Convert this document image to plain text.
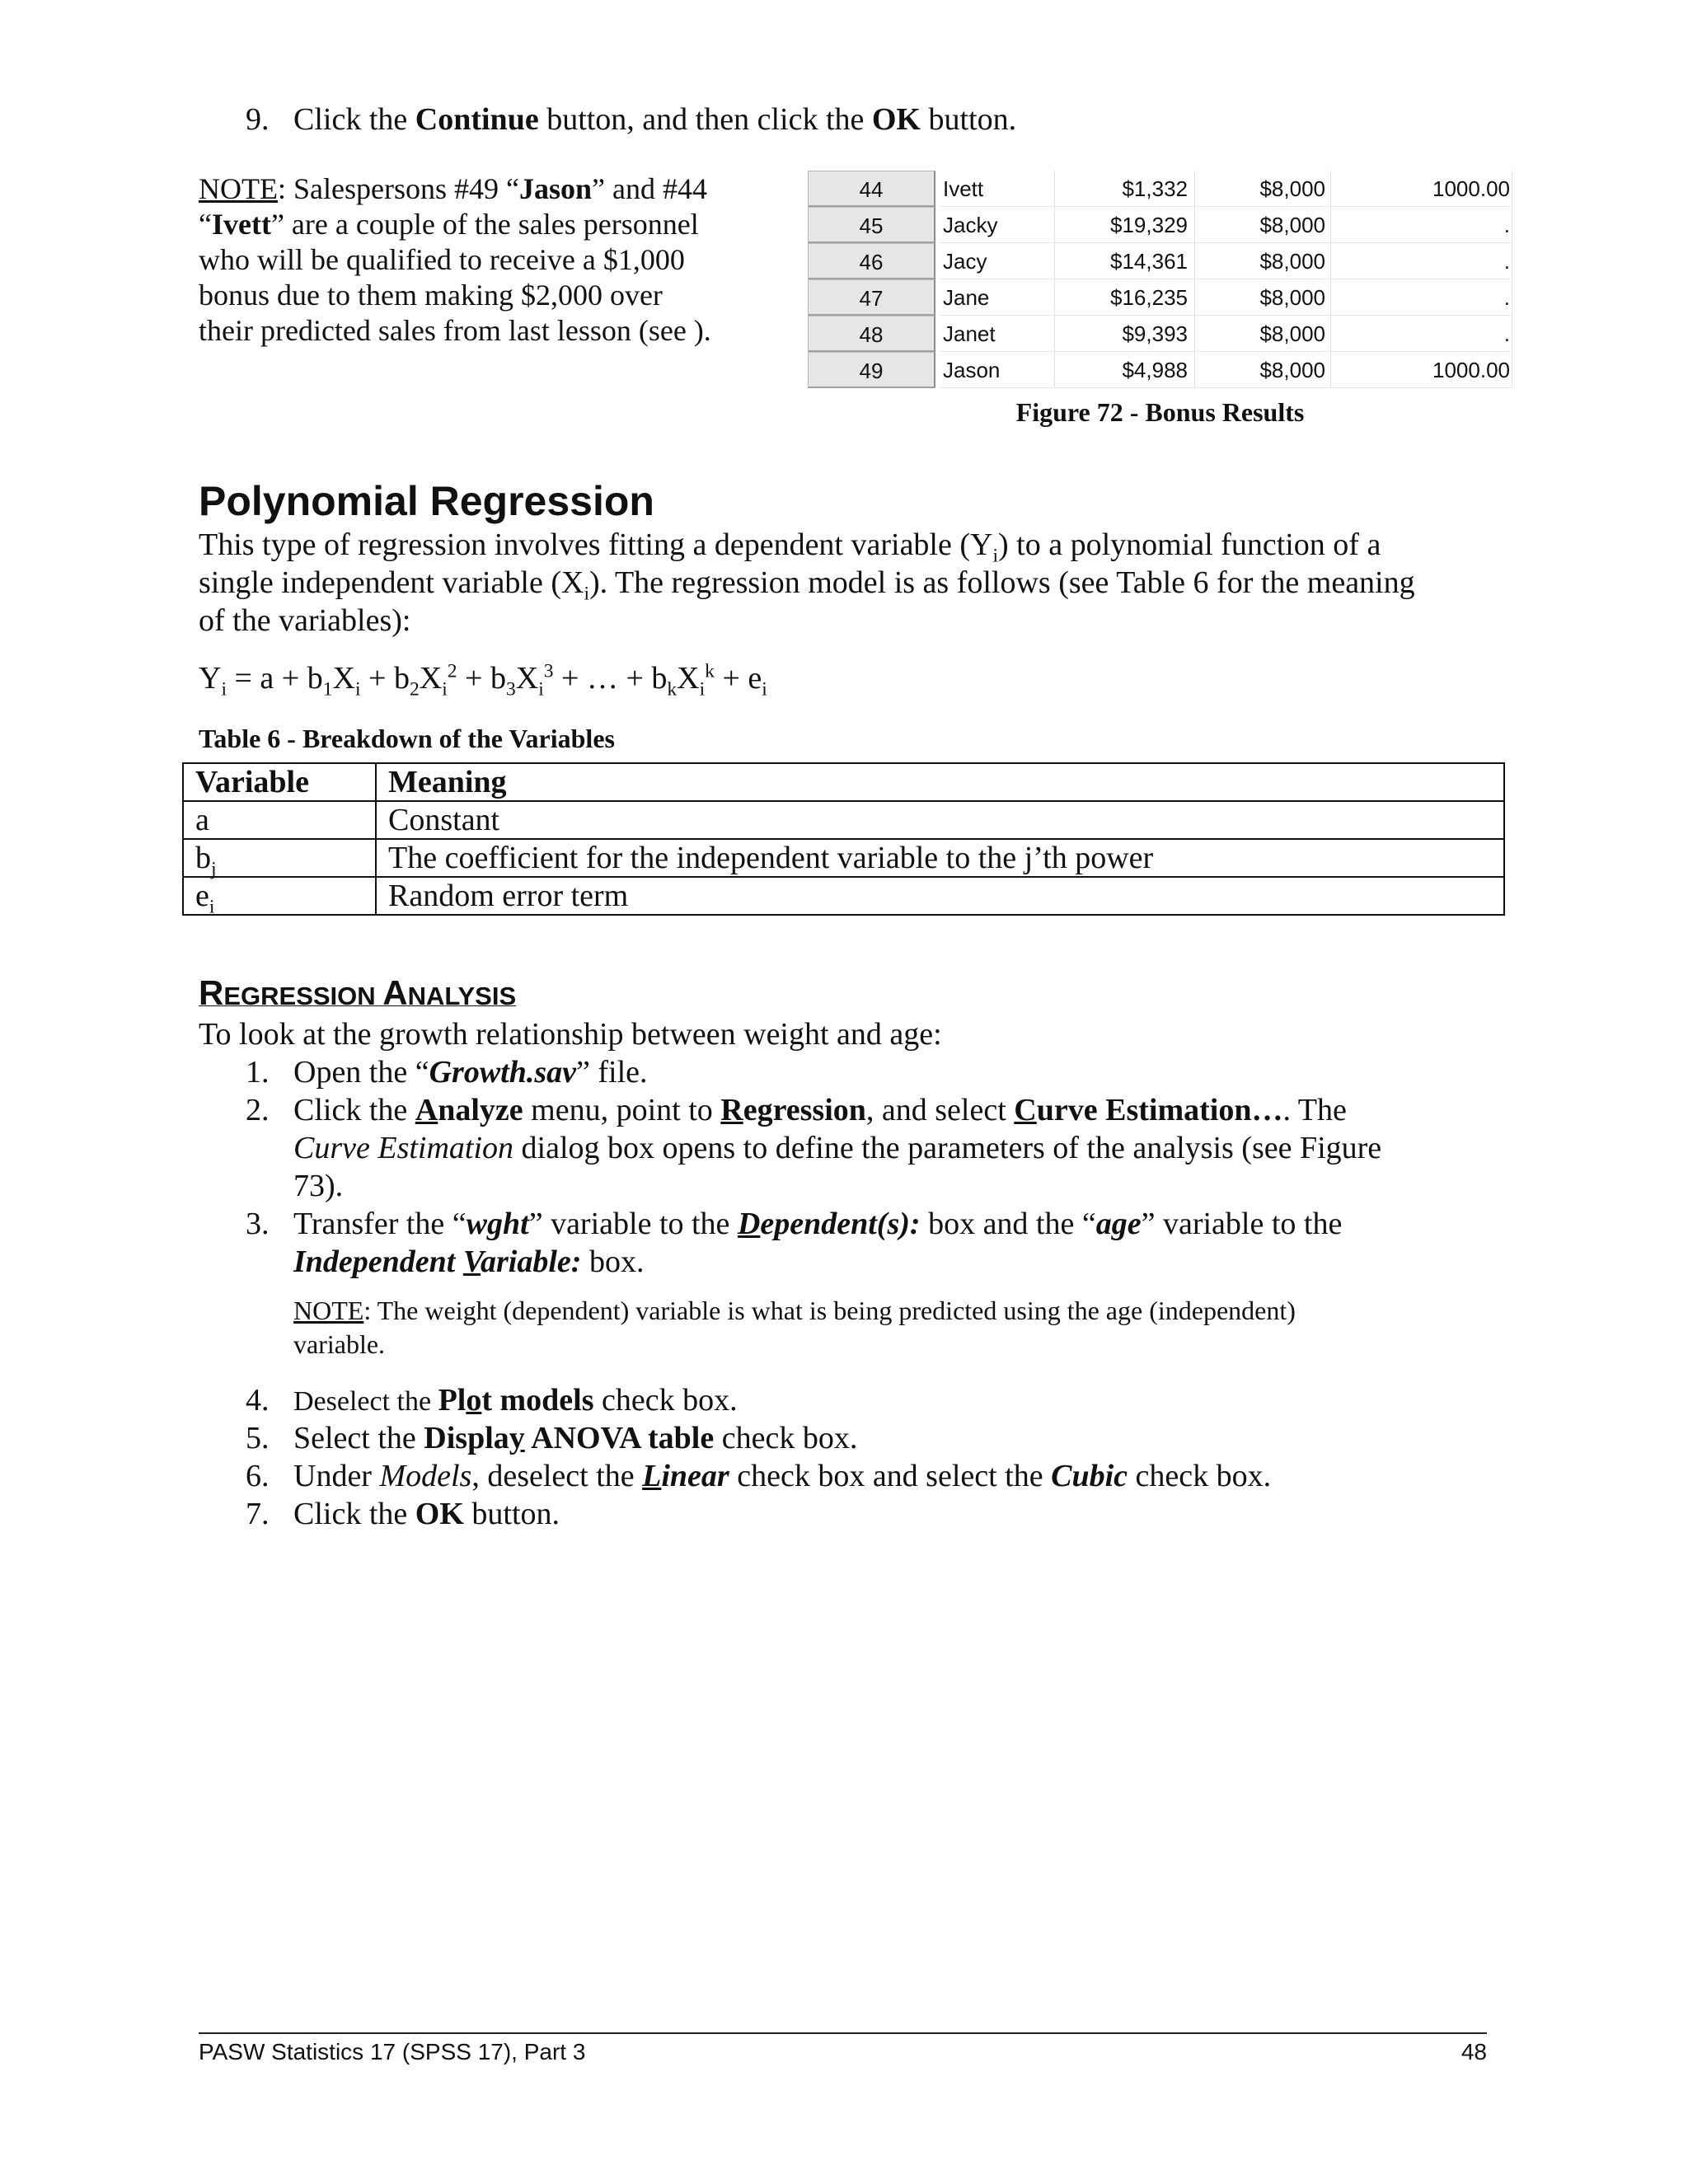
9. Click the Continue button, and then click the OK button.
NOTE: Salespersons #49 “Jason” and #44
“Ivett” are a couple of the sales personnel
who will be qualified to receive a $1,000
bonus due to them making $2,000 over
their predicted sales from last lesson (see ).
44	Ivett	$1,332	$8,000	1000.00
45	Jacky	$19,329	$8,000	.
46	Jacy	$14,361	$8,000	.
47	Jane	$16,235	$8,000	.
48	Janet	$9,393	$8,000	.
49	Jason	$4,988	$8,000	1000.00
Figure 72 - Bonus Results
Polynomial Regression
This type of regression involves fitting a dependent variable $(Y_i)$ to a polynomial function of a
single independent variable $(X_i)$. The regression model is as follows (see Table 6 for the meaning
of the variables):
$Y_i = a + b_1X_i + b_2X_i^2 + b_3X_i^3$ + … + $b_kX_i^k + e_i$
Table 6 - Breakdown of the Variables
Variable	Meaning
a	Constant
$b_j$	The coefficient for the independent variable to the j’th power
$e_i$	Random error term
REGRESSION ANALYSIS
To look at the growth relationship between weight and age:
1. Open the “Growth.sav” file.
2. Click the Analyze menu, point to Regression, and select Curve Estimation…. The
Curve Estimation dialog box opens to define the parameters of the analysis (see Figure
73).
3. Transfer the “wght” variable to the Dependent(s): box and the “age” variable to the
Independent Variable: box.
NOTE: The weight (dependent) variable is what is being predicted using the age (independent)
variable.
4. Deselect the Plot models check box.
5. Select the Display ANOVA table check box.
6. Under Models, deselect the Linear check box and select the Cubic check box.
7. Click the OK button.
PASW Statistics 17 (SPSS 17), Part 3	48
